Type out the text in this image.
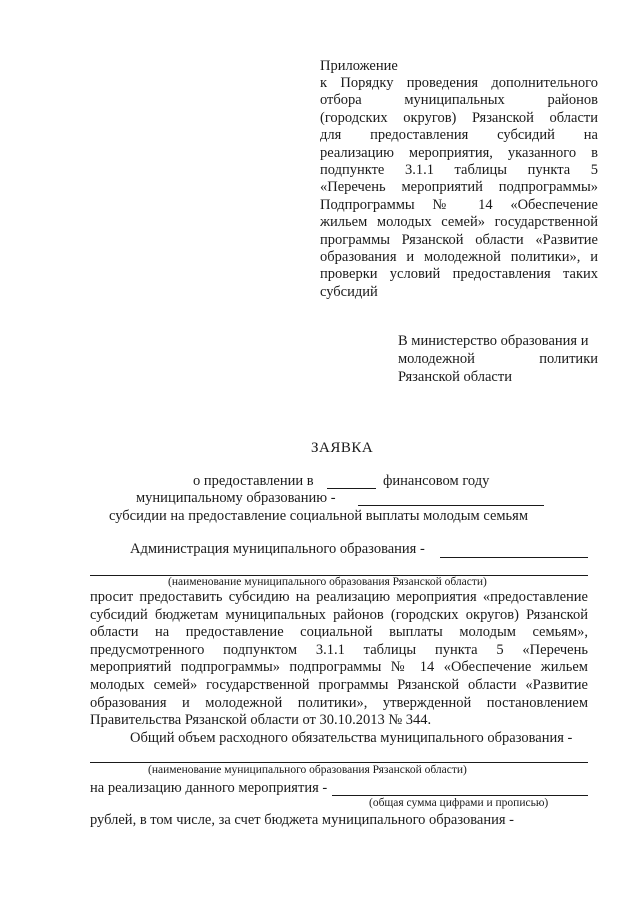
Приложение
к Порядку проведения дополнительного
отбора муниципальных районов
(городских округов) Рязанской области
для предоставления субсидий на
реализацию мероприятия, указанного в
подпункте 3.1.1 таблицы пункта 5
«Перечень мероприятий подпрограммы»
Подпрограммы № 14 «Обеспечение
жильем молодых семей» государственной
программы Рязанской области «Развитие
образования и молодежной политики», и
проверки условий предоставления таких
субсидий
В министерство образования и
молодежной политики
Рязанской области
ЗАЯВКА
о предоставлении в	финансовом году
муниципальному образованию -
субсидии на предоставление социальной выплаты молодым семьям
Администрация муниципального образования -
(наименование муниципального образования Рязанской области)
просит предоставить субсидию на реализацию мероприятия «предоставление
субсидий бюджетам муниципальных районов (городских округов) Рязанской
области на предоставление социальной выплаты молодым семьям»,
предусмотренного подпунктом 3.1.1 таблицы пункта 5 «Перечень
мероприятий подпрограммы» подпрограммы № 14 «Обеспечение жильем
молодых семей» государственной программы Рязанской области «Развитие
образования и молодежной политики», утвержденной постановлением
Правительства Рязанской области от 30.10.2013 № 344.
Общий объем расходного обязательства муниципального образования -
(наименование муниципального образования Рязанской области)
на реализацию данного мероприятия -
(общая сумма цифрами и прописью)
рублей, в том числе, за счет бюджета муниципального образования -
